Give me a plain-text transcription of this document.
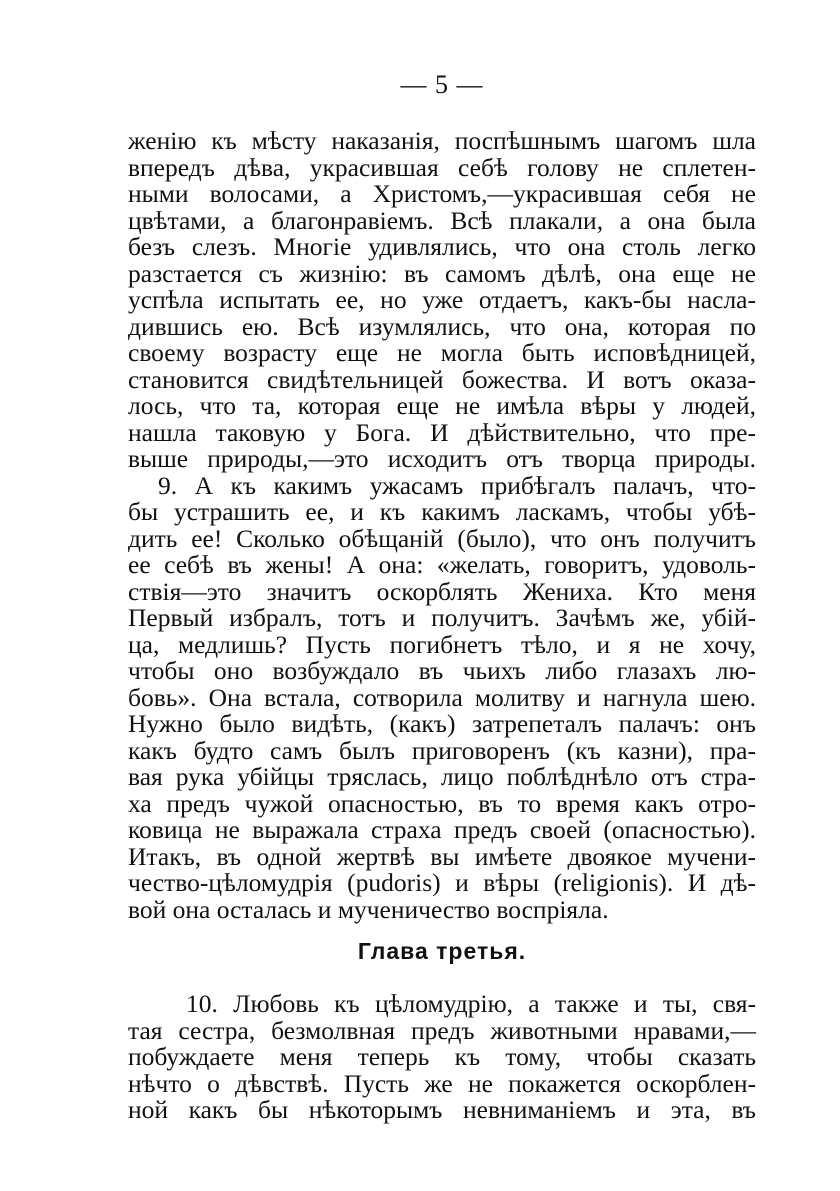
— 5 —
женію къ мѣсту наказанія, поспѣшнымъ шагомъ шла
впередъ дѣва, украсившая себѣ голову не сплетен-
ными волосами, а Христомъ,—украсившая себя не
цвѣтами, а благонравіемъ. Всѣ плакали, а она была
безъ слезъ. Многіе удивлялись, что она столь легко
разстается съ жизнію: въ самомъ дѣлѣ, она еще не
успѣла испытать ее, но уже отдаетъ, какъ-бы насла-
дившись ею. Всѣ изумлялись, что она, которая по
своему возрасту еще не могла быть исповѣдницей,
становится свидѣтельницей божества. И вотъ оказа-
лось, что та, которая еще не имѣла вѣры у людей,
нашла таковую у Бога. И дѣйствительно, что пре-
выше природы,—это исходитъ отъ творца природы.
9. А къ какимъ ужасамъ прибѣгалъ палачъ, что-
бы устрашить ее, и къ какимъ ласкамъ, чтобы убѣ-
дить ее! Сколько обѣщаній (было), что онъ получитъ
ее себѣ въ жены! А она: «желать, говоритъ, удоволь-
ствія—это значитъ оскорблять Жениха. Кто меня
Первый избралъ, тотъ и получитъ. Зачѣмъ же, убій-
ца, медлишь? Пусть погибнетъ тѣло, и я не хочу,
чтобы оно возбуждало въ чьихъ либо глазахъ лю-
бовь». Она встала, сотворила молитву и нагнула шею.
Нужно было видѣть, (какъ) затрепеталъ палачъ: онъ
какъ будто самъ былъ приговоренъ (къ казни), пра-
вая рука убійцы тряслась, лицо поблѣднѣло отъ стра-
ха предъ чужой опасностью, въ то время какъ отро-
ковица не выражала страха предъ своей (опасностью).
Итакъ, въ одной жертвѣ вы имѣете двоякое мучени-
чество-цѣломудрія (pudoris) и вѣры (religionis). И дѣ-
вой она осталась и мученичество воспріяла.
Глава третья.
10. Любовь къ цѣломудрію, а также и ты, свя-
тая сестра, безмолвная предъ животными нравами,—
побуждаете меня теперь къ тому, чтобы сказать
нѣчто о дѣвствѣ. Пусть же не покажется оскорблен-
ной какъ бы нѣкоторымъ невниманіемъ и эта, въ
